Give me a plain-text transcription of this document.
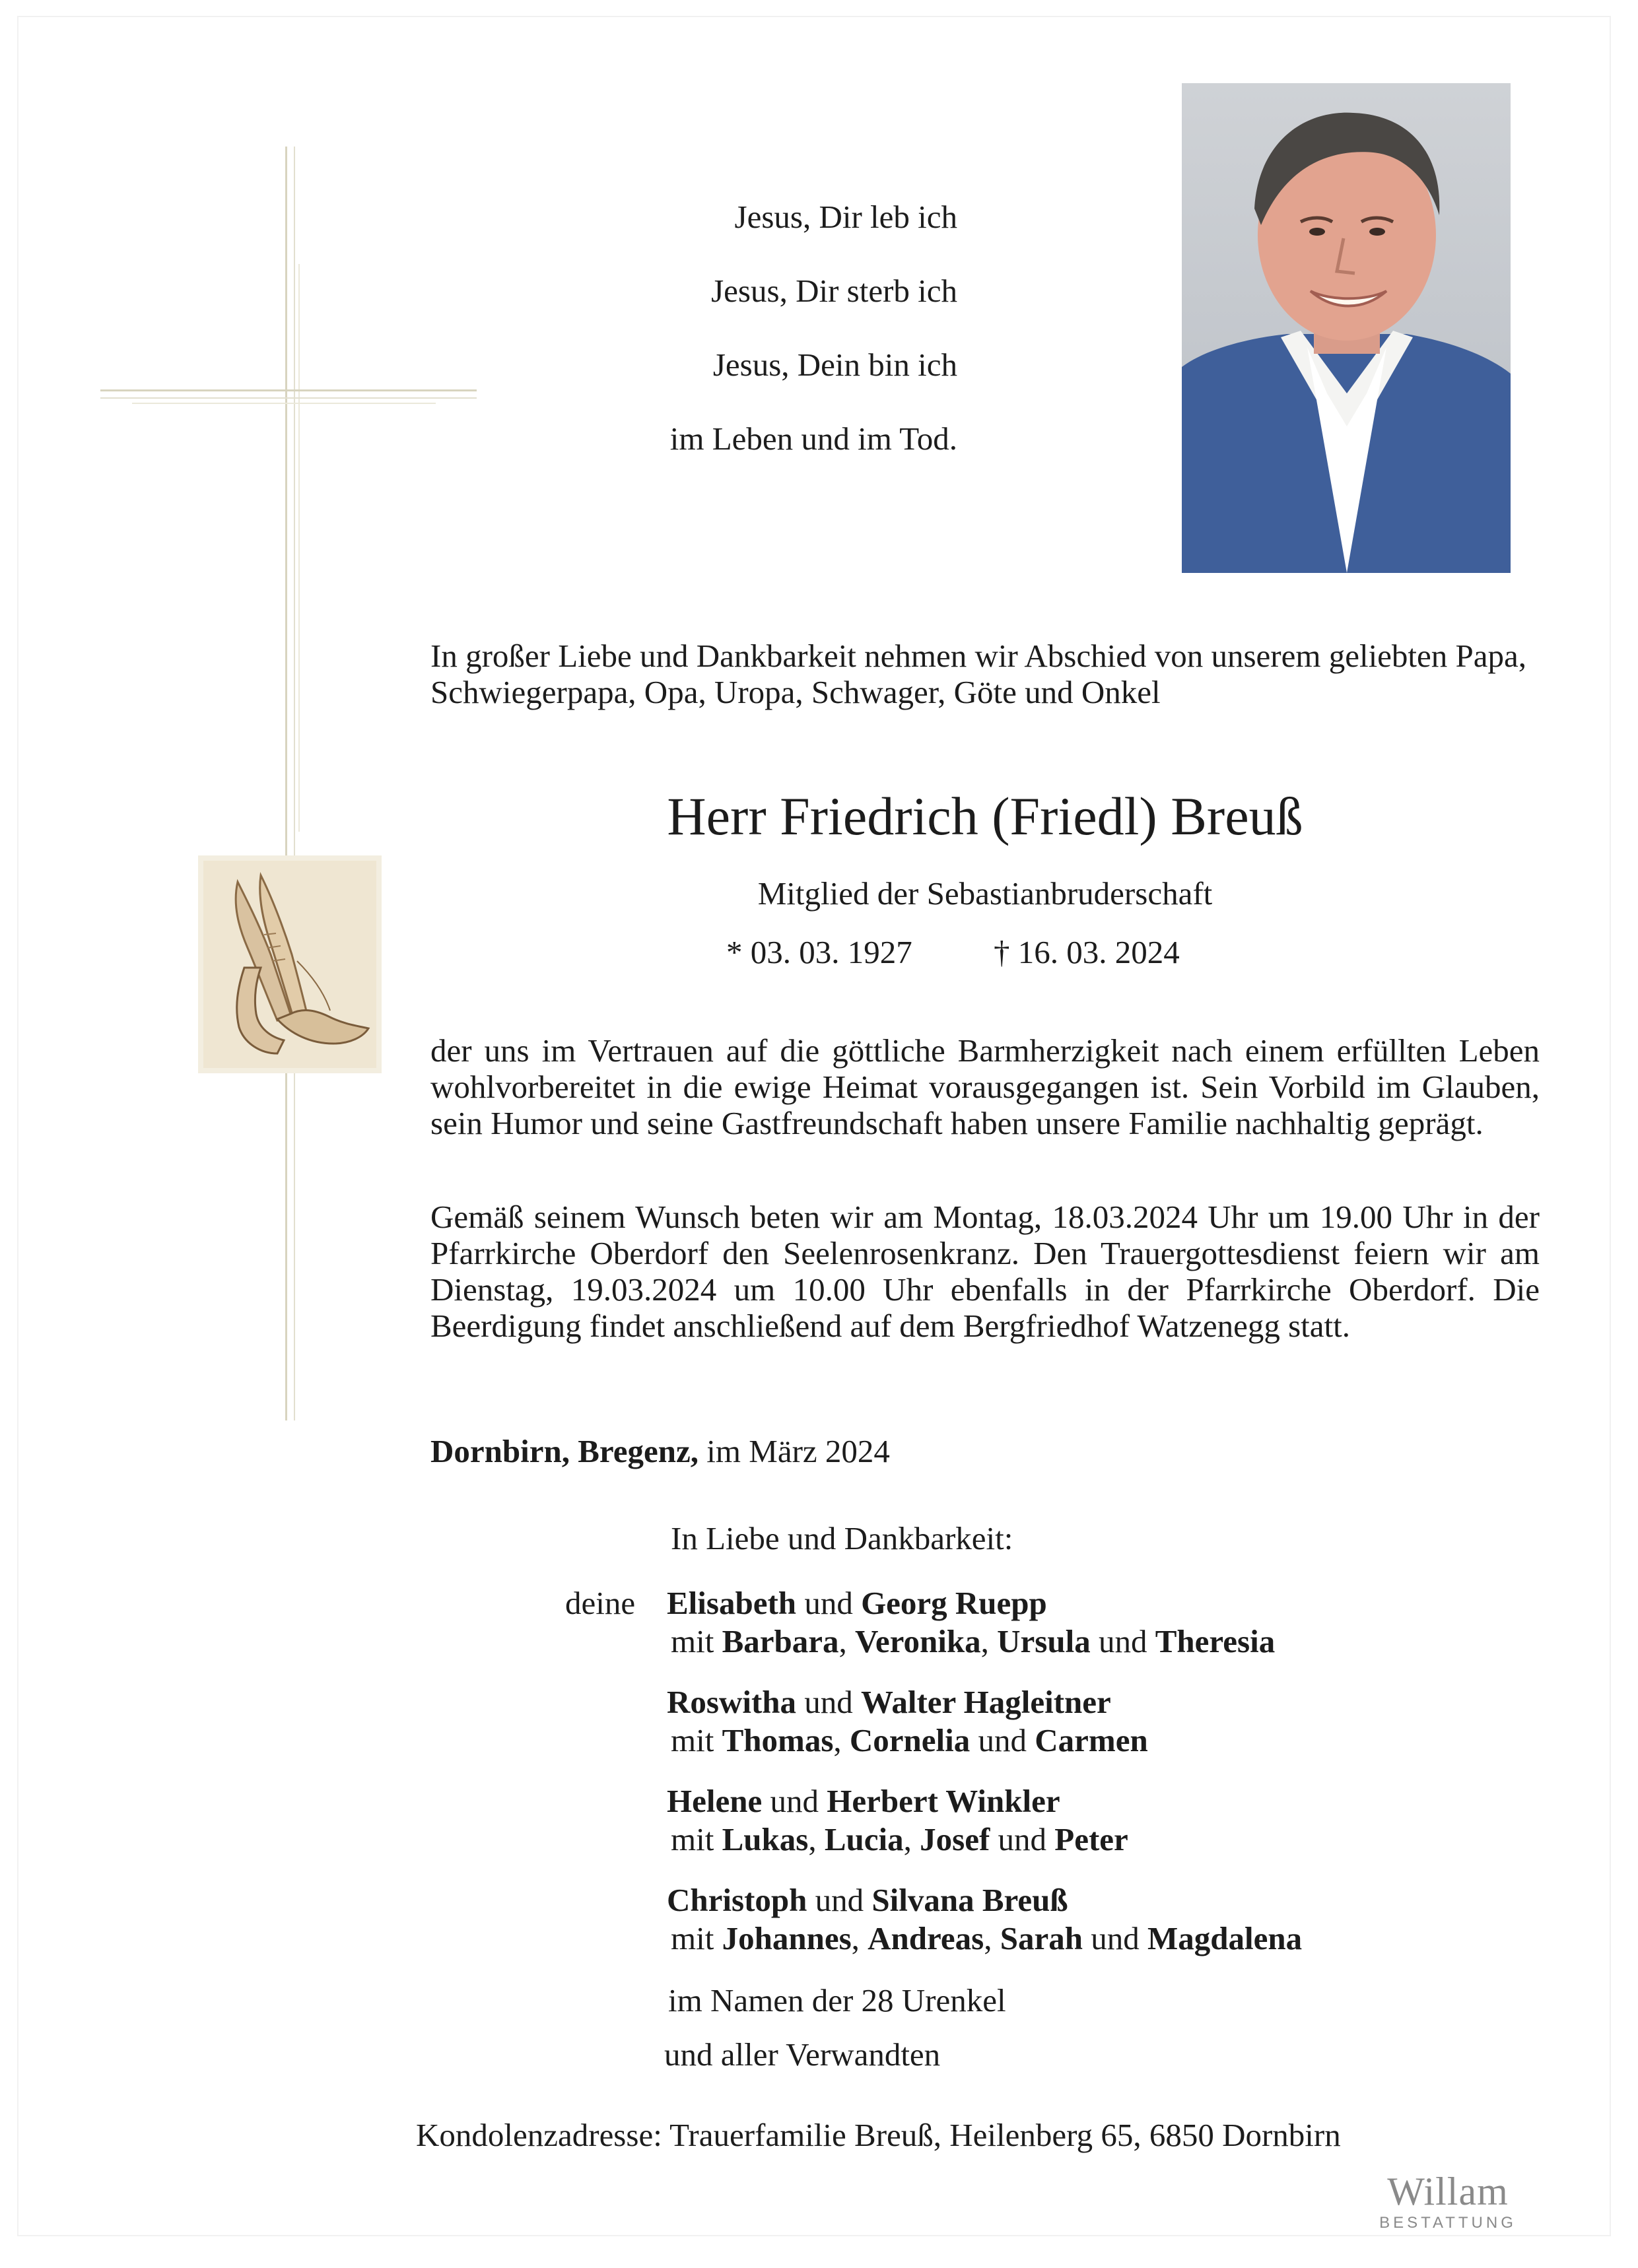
Jesus, Dir leb ich
Jesus, Dir sterb ich
Jesus, Dein bin ich
im Leben und im Tod.
In großer Liebe und Dankbarkeit nehmen wir Abschied von unserem geliebten Papa, Schwiegerpapa, Opa, Uropa, Schwager, Göte und Onkel
Herr Friedrich (Friedl) Breuß
Mitglied der Sebastianbruderschaft
* 03. 03. 1927	† 16. 03. 2024
der uns im Vertrauen auf die göttliche Barmherzigkeit nach einem erfüllten Leben wohlvorbereitet in die ewige Heimat vorausgegangen ist. Sein Vorbild im Glauben, sein Humor und seine Gastfreundschaft haben unsere Familie nachhaltig geprägt.
Gemäß seinem Wunsch beten wir am Montag, 18.03.2024 Uhr um 19.00 Uhr in der Pfarrkirche Oberdorf den Seelenrosenkranz. Den Trauergottesdienst feiern wir am Dienstag, 19.03.2024 um 10.00 Uhr ebenfalls in der Pfarrkirche Oberdorf. Die Beerdigung findet anschließend auf dem Bergfriedhof Watzenegg statt.
Dornbirn, Bregenz, im März 2024
In Liebe und Dankbarkeit:
deine Elisabeth und Georg Ruepp
mit Barbara, Veronika, Ursula und Theresia
Roswitha und Walter Hagleitner
mit Thomas, Cornelia und Carmen
Helene und Herbert Winkler
mit Lukas, Lucia, Josef und Peter
Christoph und Silvana Breuß
mit Johannes, Andreas, Sarah und Magdalena
im Namen der 28 Urenkel
und aller Verwandten
Kondolenzadresse: Trauerfamilie Breuß, Heilenberg 65, 6850 Dornbirn
Willam
BESTATTUNG
